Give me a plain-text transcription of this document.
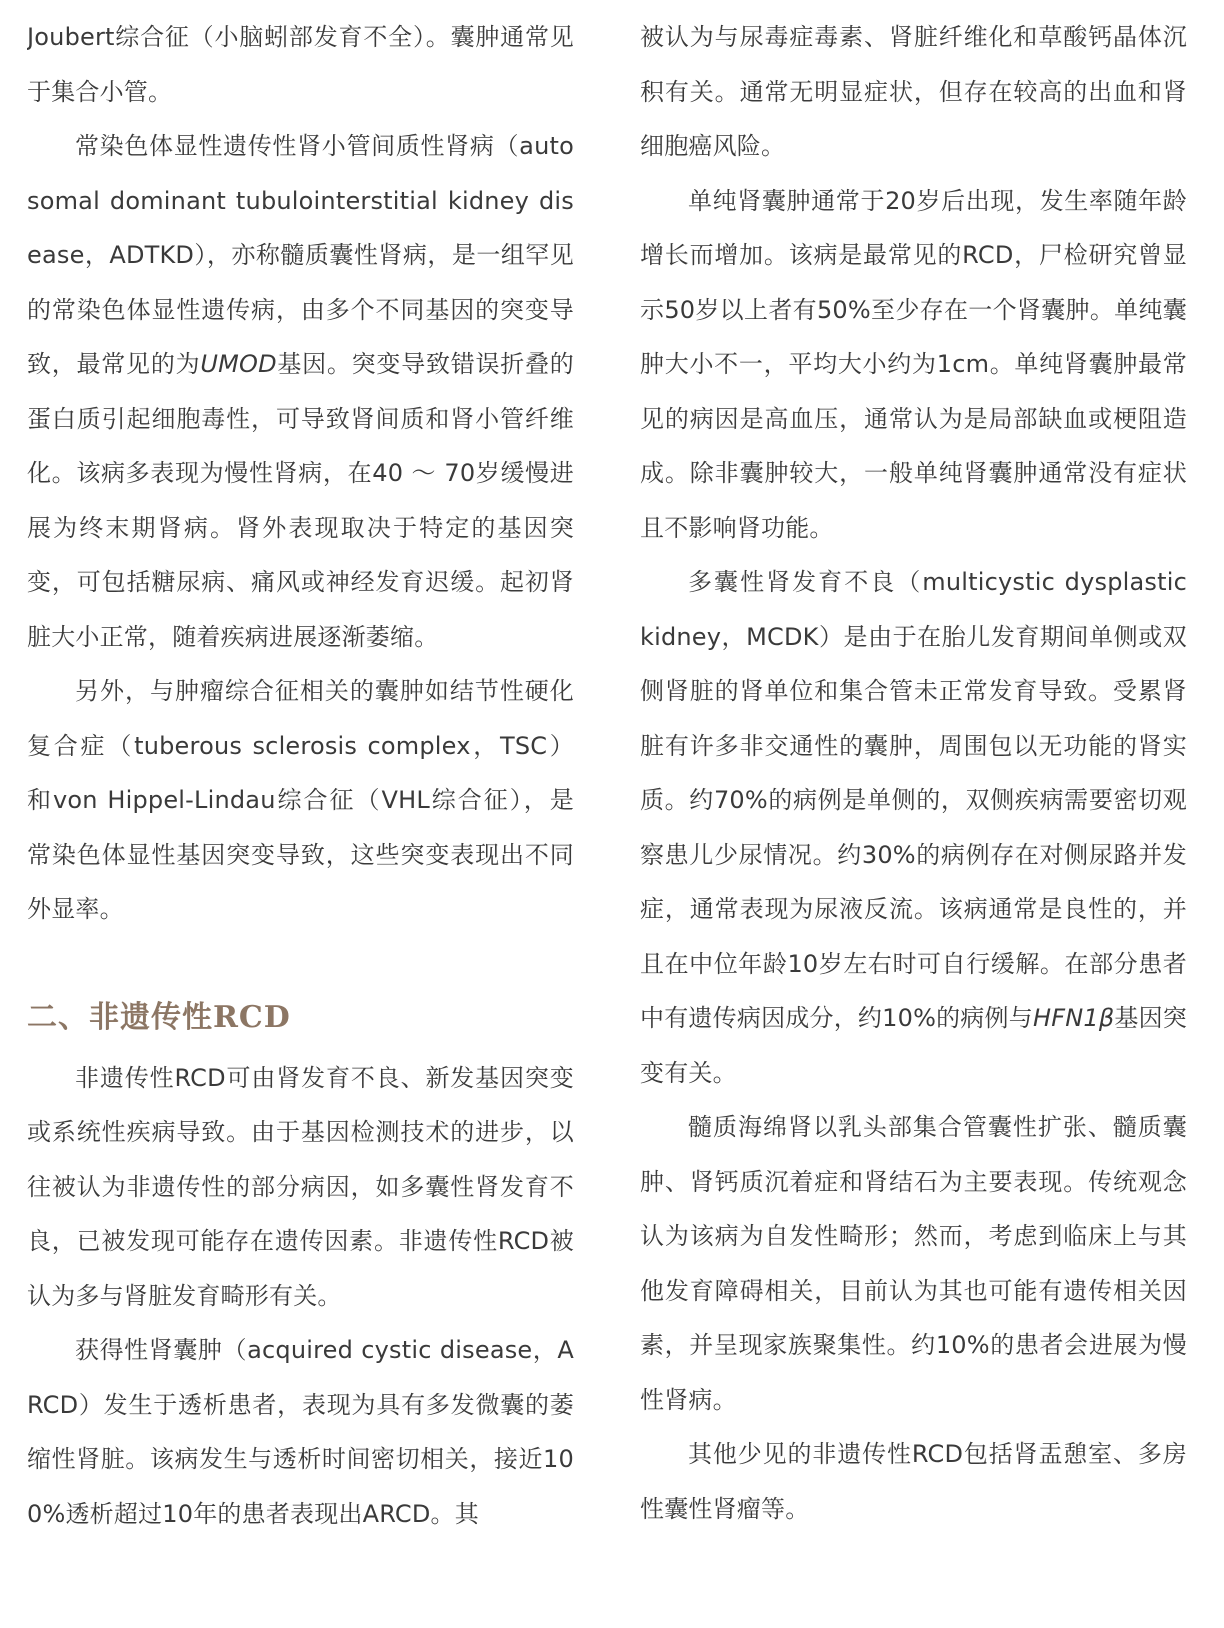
Joubert综合征（小脑蚓部发育不全）。囊肿通常见于集合小管。

常染色体显性遗传性肾小管间质性肾病（autosomal dominant tubulointerstitial kidney disease，ADTKD），亦称髓质囊性肾病，是一组罕见的常染色体显性遗传病，由多个不同基因的突变导致，最常见的为UMOD基因。突变导致错误折叠的蛋白质引起细胞毒性，可导致肾间质和肾小管纤维化。该病多表现为慢性肾病，在40 ～ 70岁缓慢进展为终末期肾病。肾外表现取决于特定的基因突变，可包括糖尿病、痛风或神经发育迟缓。起初肾脏大小正常，随着疾病进展逐渐萎缩。

另外，与肿瘤综合征相关的囊肿如结节性硬化复合症（tuberous sclerosis complex，TSC）和von Hippel-Lindau综合征（VHL综合征），是常染色体显性基因突变导致，这些突变表现出不同外显率。

二、非遗传性RCD

非遗传性RCD可由肾发育不良、新发基因突变或系统性疾病导致。由于基因检测技术的进步，以往被认为非遗传性的部分病因，如多囊性肾发育不良，已被发现可能存在遗传因素。非遗传性RCD被认为多与肾脏发育畸形有关。

获得性肾囊肿（acquired cystic disease，ARCD）发生于透析患者，表现为具有多发微囊的萎缩性肾脏。该病发生与透析时间密切相关，接近100%透析超过10年的患者表现出ARCD。其

被认为与尿毒症毒素、肾脏纤维化和草酸钙晶体沉积有关。通常无明显症状，但存在较高的出血和肾细胞癌风险。

单纯肾囊肿通常于20岁后出现，发生率随年龄增长而增加。该病是最常见的RCD，尸检研究曾显示50岁以上者有50%至少存在一个肾囊肿。单纯囊肿大小不一，平均大小约为1cm。单纯肾囊肿最常见的病因是高血压，通常认为是局部缺血或梗阻造成。除非囊肿较大，一般单纯肾囊肿通常没有症状且不影响肾功能。

多囊性肾发育不良（multicystic dysplastic kidney，MCDK）是由于在胎儿发育期间单侧或双侧肾脏的肾单位和集合管未正常发育导致。受累肾脏有许多非交通性的囊肿，周围包以无功能的肾实质。约70%的病例是单侧的，双侧疾病需要密切观察患儿少尿情况。约30%的病例存在对侧尿路并发症，通常表现为尿液反流。该病通常是良性的，并且在中位年龄10岁左右时可自行缓解。在部分患者中有遗传病因成分，约10%的病例与HFN1β基因突变有关。

髓质海绵肾以乳头部集合管囊性扩张、髓质囊肿、肾钙质沉着症和肾结石为主要表现。传统观念认为该病为自发性畸形；然而，考虑到临床上与其他发育障碍相关，目前认为其也可能有遗传相关因素，并呈现家族聚集性。约10%的患者会进展为慢性肾病。

其他少见的非遗传性RCD包括肾盂憩室、多房性囊性肾瘤等。
